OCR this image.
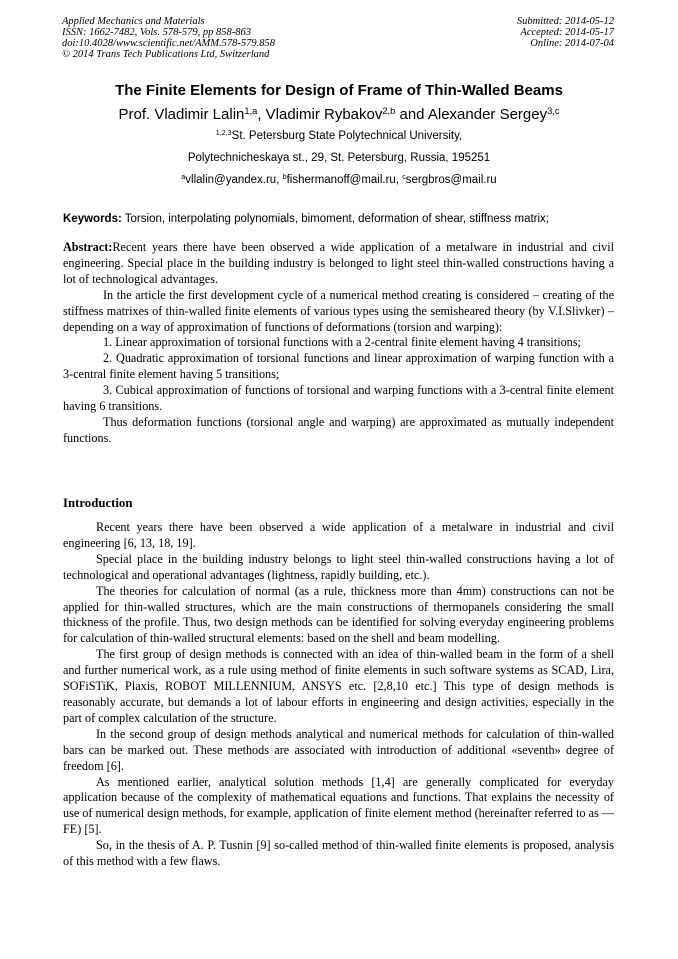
Applied Mechanics and Materials
ISSN: 1662-7482, Vols. 578-579, pp 858-863
doi:10.4028/www.scientific.net/AMM.578-579.858
© 2014 Trans Tech Publications Ltd, Switzerland
Submitted: 2014-05-12
Accepted: 2014-05-17
Online: 2014-07-04
The Finite Elements for Design of Frame of Thin-Walled Beams
Prof. Vladimir Lalin$^{1,a}$, Vladimir Rybakov$^{2,b}$ and Alexander Sergey$^{3,c}$
$^{1,2,3}$St. Petersburg State Polytechnical University,
Polytechnicheskaya st., 29, St. Petersburg, Russia, 195251
$^a$vllalin@yandex.ru, $^b$fishermanoff@mail.ru, $^c$sergbros@mail.ru
Keywords: Torsion, interpolating polynomials, bimoment, deformation of shear, stiffness matrix;

Abstract:Recent years there have been observed a wide application of a metalware in industrial and civil engineering. Special place in the building industry is belonged to light steel thin-walled constructions having a lot of technological advantages.

In the article the first development cycle of a numerical method creating is considered – creating of the stiffness matrixes of thin-walled finite elements of various types using the semisheared theory (by V.I.Slivker) – depending on a way of approximation of functions of deformations (torsion and warping):

1. Linear approximation of torsional functions with a 2-central finite element having 4 transitions;

2. Quadratic approximation of torsional functions and linear approximation of warping function with a 3-central finite element having 5 transitions;

3. Cubical approximation of functions of torsional and warping functions with a 3-central finite element having 6 transitions.

Thus deformation functions (torsional angle and warping) are approximated as mutually independent functions.

Introduction

Recent years there have been observed a wide application of a metalware in industrial and civil engineering [6, 13, 18, 19].

Special place in the building industry belongs to light steel thin-walled constructions having a lot of technological and operational advantages (lightness, rapidly building, etc.).

The theories for calculation of normal (as a rule, thickness more than 4mm) constructions can not be applied for thin-walled structures, which are the main constructions of thermopanels considering the small thickness of the profile. Thus, two design methods can be identified for solving everyday engineering problems for calculation of thin-walled structural elements: based on the shell and beam modelling.

The first group of design methods is connected with an idea of thin-walled beam in the form of a shell and further numerical work, as a rule using method of finite elements in such software systems as SCAD, Lira, SOFiSTiK, Plaxis, ROBOT MILLENNIUM, ANSYS etc. [2,8,10 etc.] This type of design methods is reasonably accurate, but demands a lot of labour efforts in engineering and design activities, especially in the part of complex calculation of the structure.

In the second group of design methods analytical and numerical methods for calculation of thin-walled bars can be marked out. These methods are associated with introduction of additional «seventh» degree of freedom [6].

As mentioned earlier, analytical solution methods [1,4] are generally complicated for everyday application because of the complexity of mathematical equations and functions. That explains the necessity of use of numerical design methods, for example, application of finite element method (hereinafter referred to as — FE) [5].

So, in the thesis of A. P. Tusnin [9] so-called method of thin-walled finite elements is proposed, analysis of this method with a few flaws.
